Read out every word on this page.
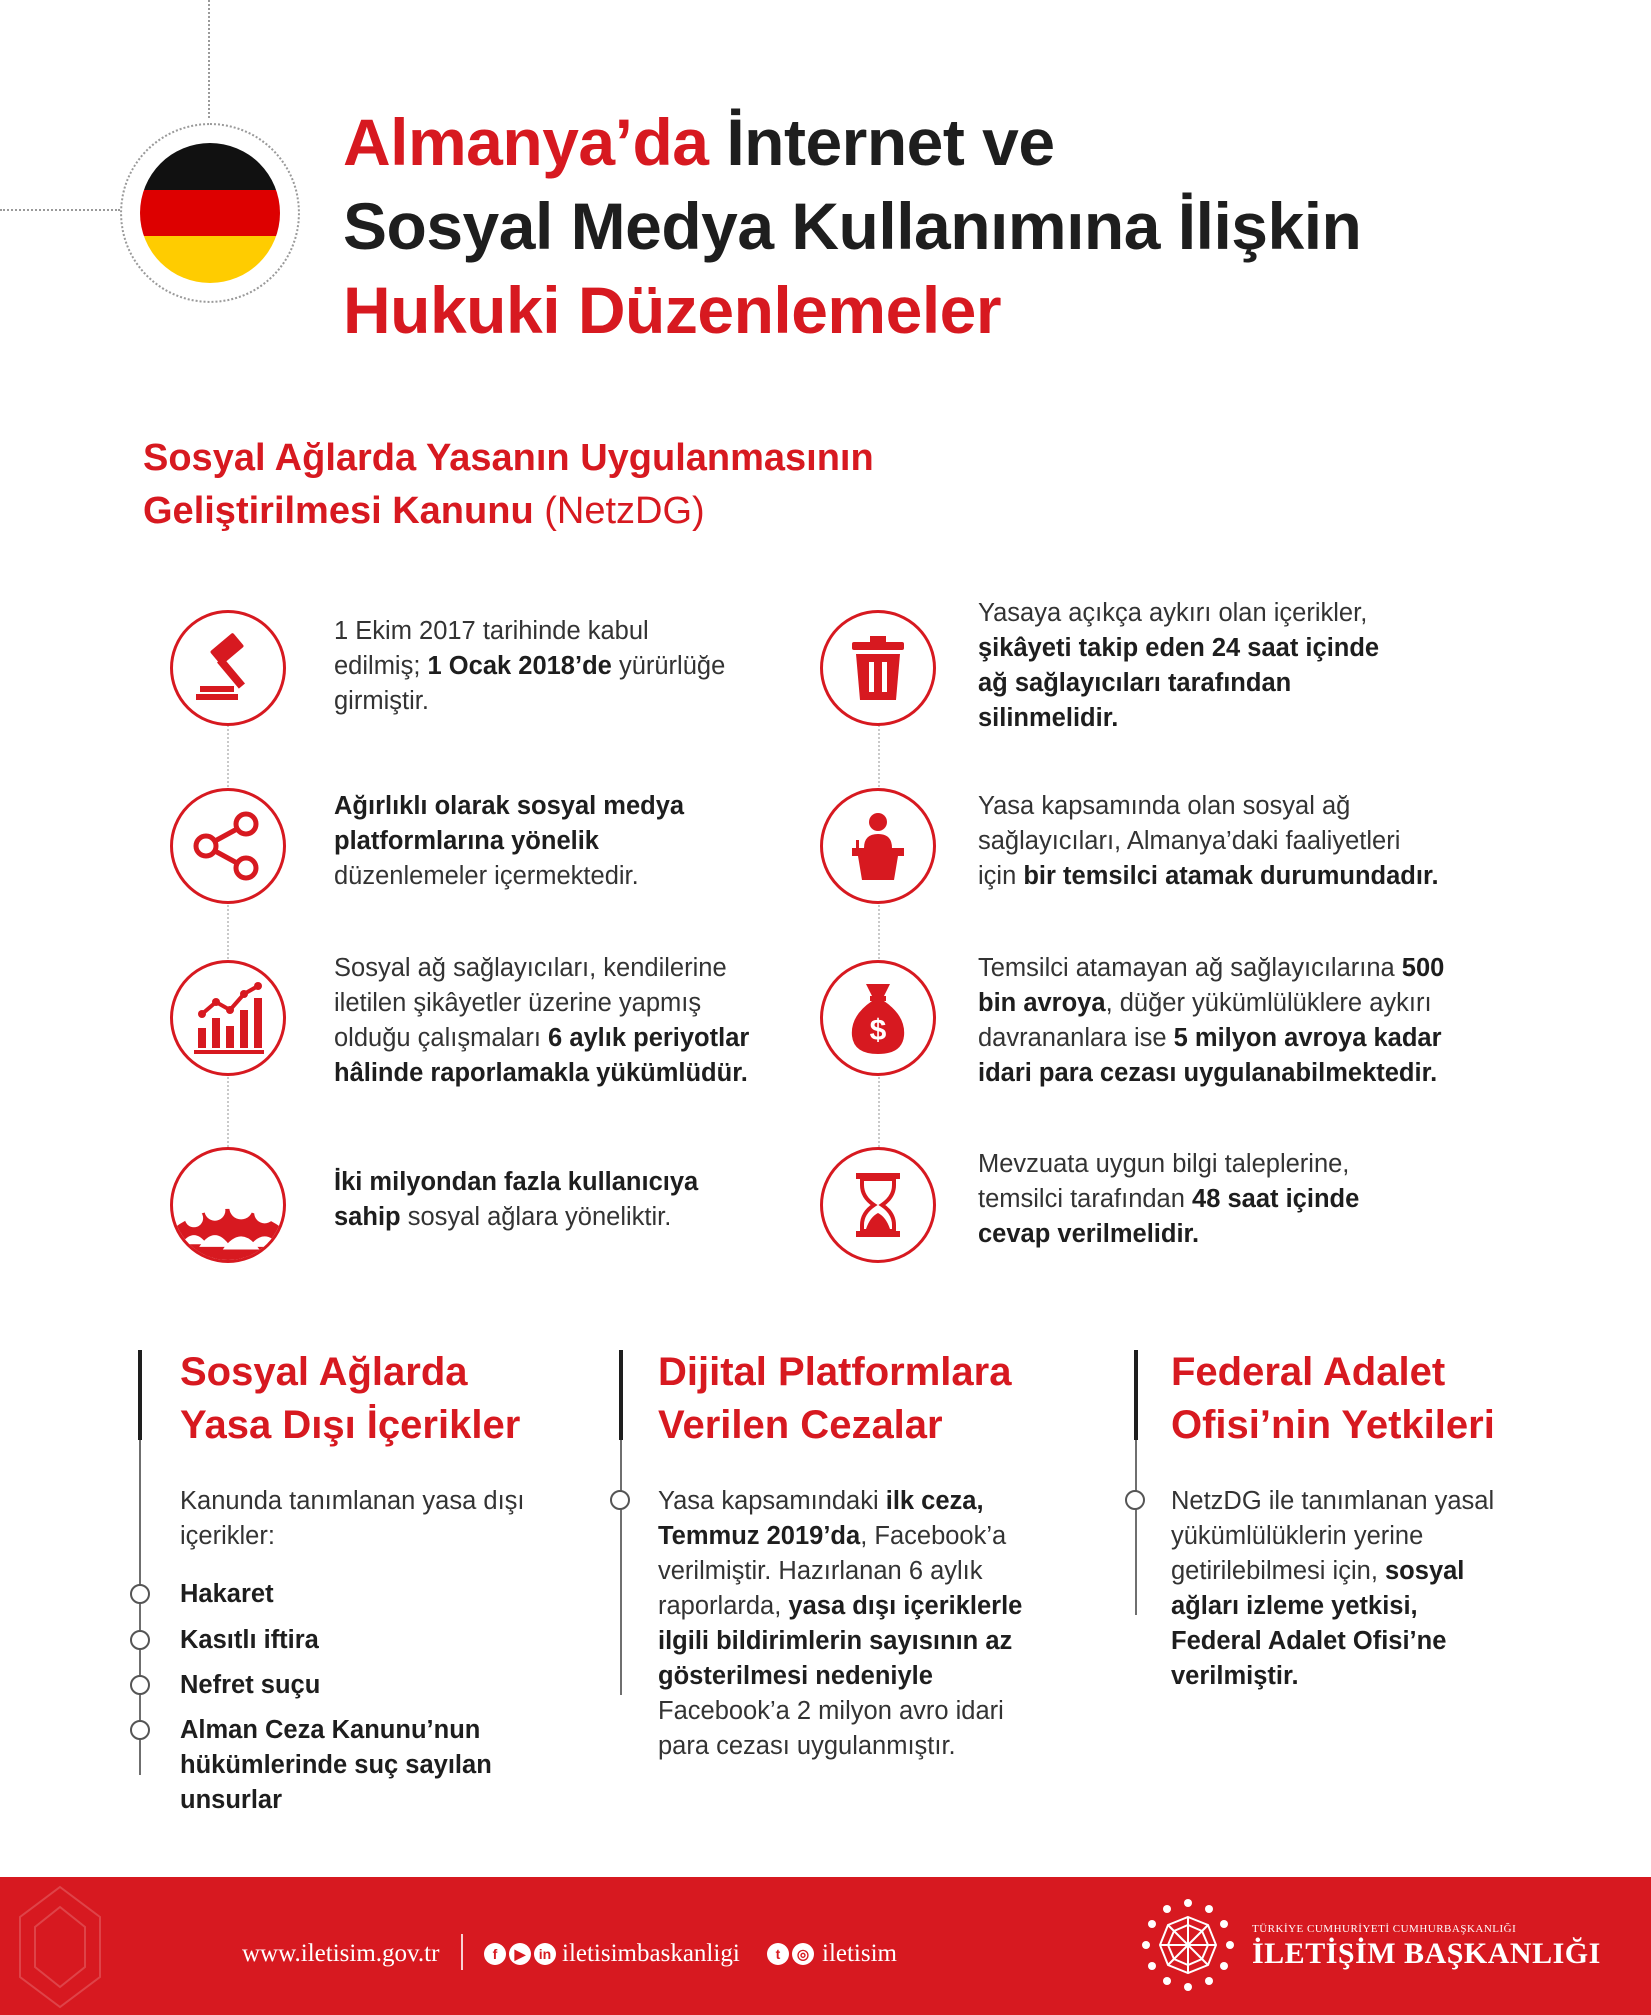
Almanya’da İnternet ve
Sosyal Medya Kullanımına İlişkin
Hukuki Düzenlemeler
Sosyal Ağlarda Yasanın Uygulanmasının
Geliştirilmesi Kanunu (NetzDG)
$
1 Ekim 2017 tarihinde kabul
edilmiş; 1 Ocak 2018’de yürürlüğe
girmiştir.
Ağırlıklı olarak sosyal medya
platformlarına yönelik
düzenlemeler içermektedir.
Sosyal ağ sağlayıcıları, kendilerine
iletilen şikâyetler üzerine yapmış
olduğu çalışmaları 6 aylık periyotlar
hâlinde raporlamakla yükümlüdür.
İki milyondan fazla kullanıcıya
sahip sosyal ağlara yöneliktir.
Yasaya açıkça aykırı olan içerikler,
şikâyeti takip eden 24 saat içinde
ağ sağlayıcıları tarafından
silinmelidir.
Yasa kapsamında olan sosyal ağ
sağlayıcıları, Almanya’daki faaliyetleri
için bir temsilci atamak durumundadır.
Temsilci atamayan ağ sağlayıcılarına 500
bin avroya, düğer yükümlülüklere aykırı
davrananlara ise 5 milyon avroya kadar
idari para cezası uygulanabilmektedir.
Mevzuata uygun bilgi taleplerine,
temsilci tarafından 48 saat içinde
cevap verilmelidir.
Sosyal Ağlarda
Yasa Dışı İçerikler
Kanunda tanımlanan yasa dışı
içerikler:
Hakaret
Kasıtlı iftira
Nefret suçu
Alman Ceza Kanunu’nun
hükümlerinde suç sayılan
unsurlar
Dijital Platformlara
Verilen Cezalar
Yasa kapsamındaki ilk ceza,
Temmuz 2019’da, Facebook’a
verilmiştir. Hazırlanan 6 aylık
raporlarda, yasa dışı içeriklerle
ilgili bildirimlerin sayısının az
gösterilmesi nedeniyle
Facebook’a 2 milyon avro idari
para cezası uygulanmıştır.
Federal Adalet
Ofisi’nin Yetkileri
NetzDG ile tanımlanan yasal
yükümlülüklerin yerine
getirilebilmesi için, sosyal
ağları izleme yetkisi,
Federal Adalet Ofisi’ne
verilmiştir.
www.iletisim.gov.tr	f	▶ in iletisimbaskanligi	t	◎ iletisim
TÜRKİYE CUMHURİYETİ CUMHURBAŞKANLIĞI
İLETİŞİM BAŞKANLIĞI
